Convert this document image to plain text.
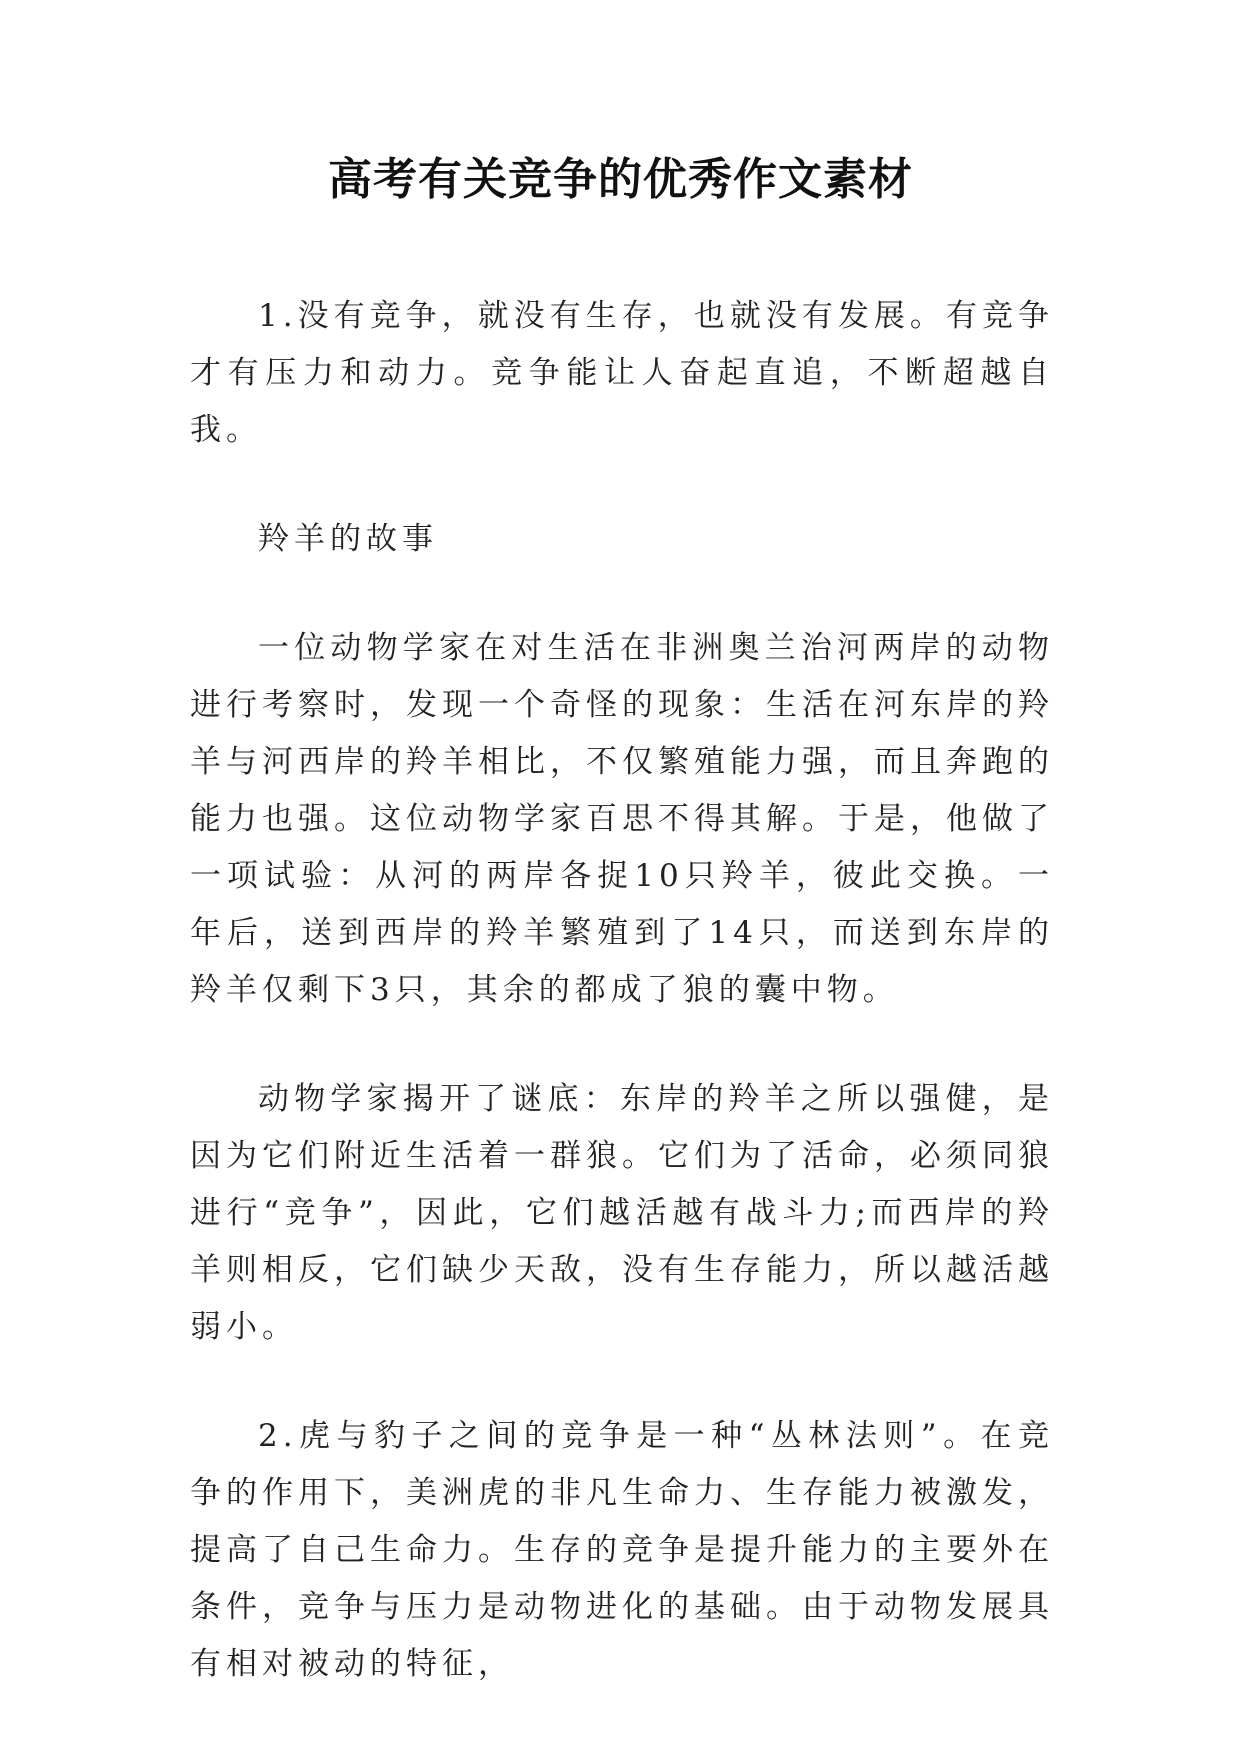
高考有关竞争的优秀作文素材

1.没有竞争，就没有生存，也就没有发展。有竞争才有压力和动力。竞争能让人奋起直追，不断超越自我。

羚羊的故事

一位动物学家在对生活在非洲奥兰治河两岸的动物进行考察时，发现一个奇怪的现象：生活在河东岸的羚羊与河西岸的羚羊相比，不仅繁殖能力强，而且奔跑的能力也强。这位动物学家百思不得其解。于是，他做了一项试验：从河的两岸各捉10只羚羊，彼此交换。一年后，送到西岸的羚羊繁殖到了14只，而送到东岸的羚羊仅剩下3只，其余的都成了狼的囊中物。

动物学家揭开了谜底：东岸的羚羊之所以强健，是因为它们附近生活着一群狼。它们为了活命，必须同狼进行“竞争”，因此，它们越活越有战斗力;而西岸的羚羊则相反，它们缺少天敌，没有生存能力，所以越活越弱小。

2.虎与豹子之间的竞争是一种“丛林法则”。在竞争的作用下，美洲虎的非凡生命力、生存能力被激发，提高了自己生命力。生存的竞争是提升能力的主要外在条件，竞争与压力是动物进化的基础。由于动物发展具有相对被动的特征，
